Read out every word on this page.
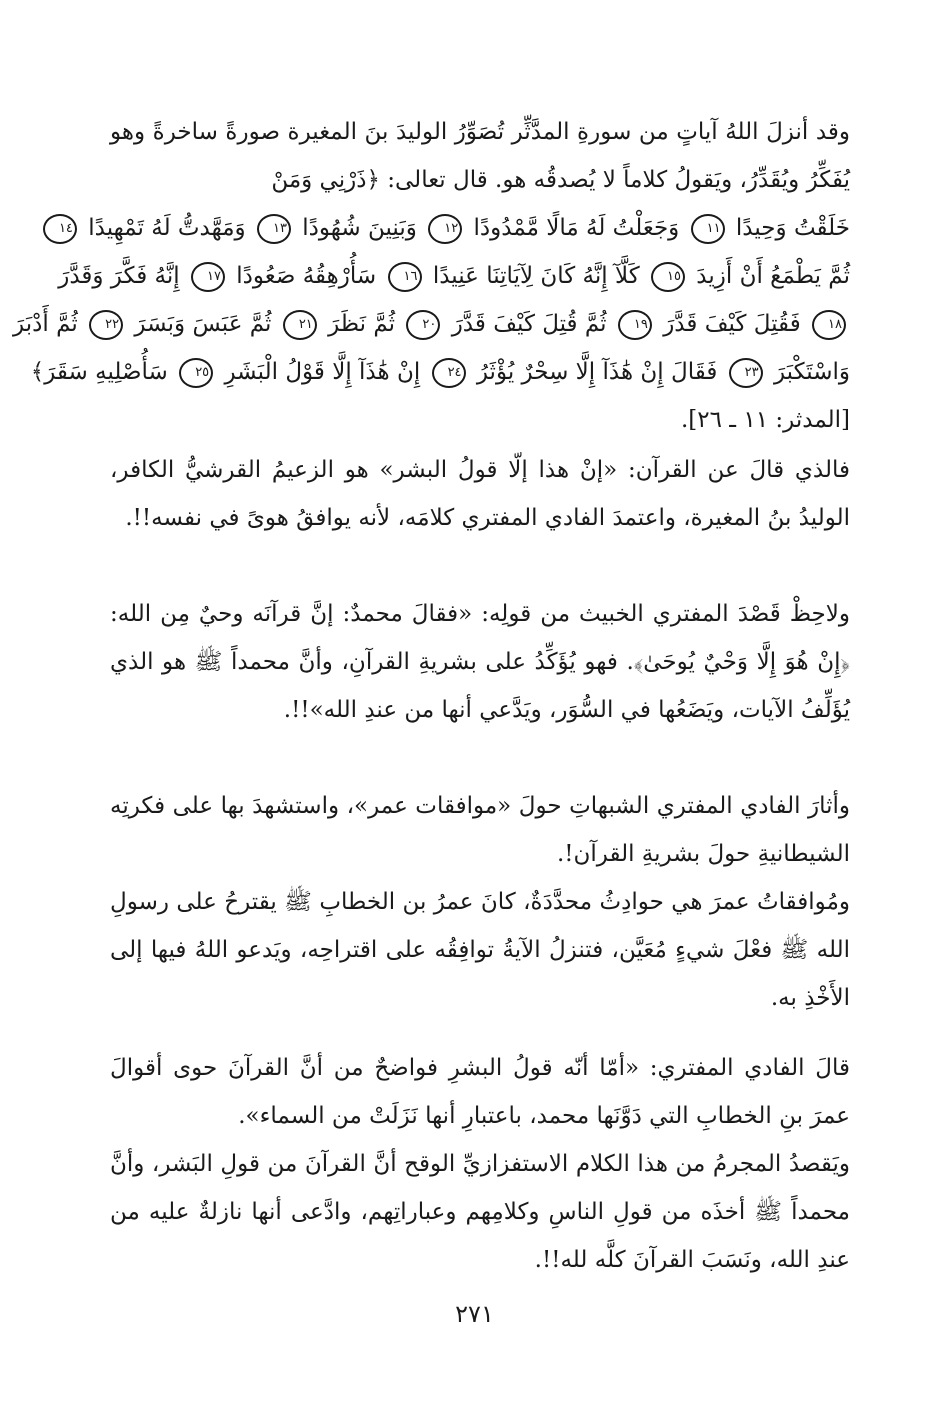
وقد أنزلَ اللهُ آياتٍ من سورةِ المدَّثِّر تُصَوِّرُ الوليدَ بنَ المغيرة صورةً ساخرةً وهو يُفَكِّرُ ويُقَدِّرُ، ويَقولُ كلاماً لا يُصدقُه هو. قال تعالى: ﴿ذَرْنِي وَمَنْ

خَلَقْتُ وَحِيدًا ١١ وَجَعَلْتُ لَهُ مَالًا مَّمْدُودًا ١٢ وَبَنِينَ شُهُودًا ١٣ وَمَهَّدتُّ لَهُ تَمْهِيدًا ١٤
ثُمَّ يَطْمَعُ أَنْ أَزِيدَ ١٥ كَلَّآ إِنَّهُ كَانَ لِآيَاتِنَا عَنِيدًا ١٦ سَأُرْهِقُهُ صَعُودًا ١٧ إِنَّهُ فَكَّرَ وَقَدَّرَ
١٨ فَقُتِلَ كَيْفَ قَدَّرَ ١٩ ثُمَّ قُتِلَ كَيْفَ قَدَّرَ ٢٠ ثُمَّ نَظَرَ ٢١ ثُمَّ عَبَسَ وَبَسَرَ ٢٢ ثُمَّ أَدْبَرَ
وَاسْتَكْبَرَ ٢٣ فَقَالَ إِنْ هَٰذَآ إِلَّا سِحْرٌ يُؤْثَرُ ٢٤ إِنْ هَٰذَآ إِلَّا قَوْلُ الْبَشَرِ ٢٥ سَأُصْلِيهِ سَقَرَ﴾

[المدثر: ١١ ـ ٢٦].

فالذي قالَ عن القرآن: «إنْ هذا إلّا قولُ البشر» هو الزعيمُ القرشيُّ الكافر، الوليدُ بنُ المغيرة، واعتمدَ الفادي المفتري كلامَه، لأنه يوافقُ هوىً في نفسه!!.

ولاحِظْ قَصْدَ المفتري الخبيث من قولِه: «فقالَ محمدٌ: إنَّ قرآنَه وحيٌ مِن الله: ﴿إِنْ هُوَ إِلَّا وَحْيٌ يُوحَىٰ﴾. فهو يُؤَكِّدُ على بشريةِ القرآنِ، وأنَّ محمداً ﷺ هو الذي يُؤَلِّفُ الآيات، ويَضَعُها في السُّوَر، ويَدَّعي أنها من عندِ الله»!!.

وأثارَ الفادي المفتري الشبهاتِ حولَ «موافقات عمر»، واستشهدَ بها على فكرتِه الشيطانيةِ حولَ بشريةِ القرآن!.

ومُوافقاتُ عمرَ هي حوادِثُ محدَّدَةٌ، كانَ عمرُ بن الخطابِ ﷺ يقترحُ على رسولِ الله ﷺ فعْلَ شيءٍ مُعَيَّن، فتنزلُ الآيةُ توافِقُه على اقتراحِه، ويَدعو اللهُ فيها إلى الأَخْذِ به.

قالَ الفادي المفتري: «أمّا أنّه قولُ البشرِ فواضحٌ من أنَّ القرآنَ حوى أقوالَ عمرَ بنِ الخطابِ التي دَوَّنَها محمد، باعتبارِ أنها نَزَلَتْ من السماء».

ويَقصدُ المجرمُ من هذا الكلام الاستفزازيِّ الوقح أنَّ القرآنَ من قولِ البَشر، وأنَّ محمداً ﷺ أخذَه من قولِ الناسِ وكلامِهم وعباراتِهم، وادَّعى أنها نازلةٌ عليه من عندِ الله، ونَسَبَ القرآنَ كلَّه لله!!.

٢٧١
